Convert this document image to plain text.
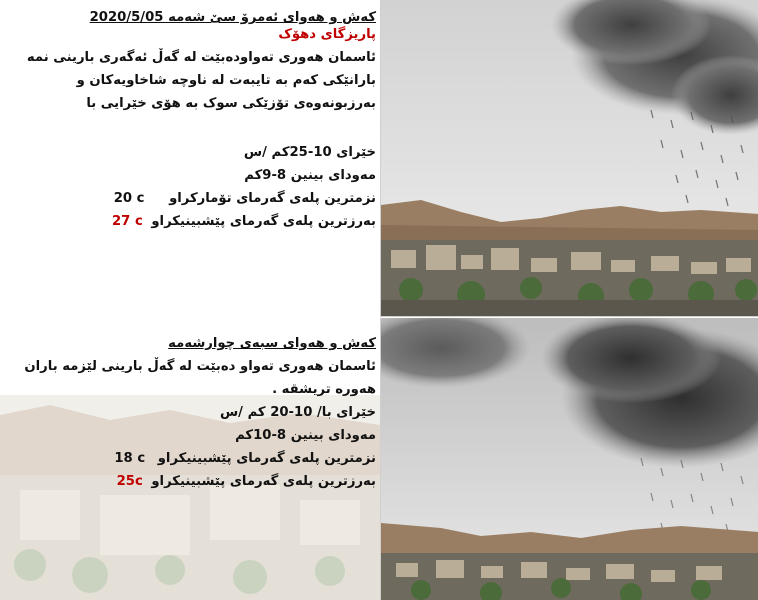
کەش و هەوای ئەمرۆ سێ شەمە 2020/5/05
پاریزگای دهۆک
ئاسمان هەوری تەواودەبێت لە گەڵ ئەگەری بارینی نمە
بارانێکی کەم بە تایبەت لە ناوچە شاخاویەکان و
بەرزبونەوەی تۆزێکی سوک بە هۆی خێرایی با
خێرای 10-25کم /س
مەودای بینین 8-9کم
نزمترین پلەی گەرمای تۆمارکراو 20 c
بەرزترین پلەی گەرمای پێشبینیکراو 27 c
کەش و هەوای سبەی چوارشەمە
ئاسمان هەوری تەواو دەبێت لە گەڵ بارینی لێزمە باران
هەورە تریشقە .
خێرای با/ 10-20 کم /س
مەودای بینین 8-10کم
نزمترین پلەی گەرمای پێشبینیکراو 18 c
بەرزترین پلەی گەرمای پێشبینیکراو 25c
